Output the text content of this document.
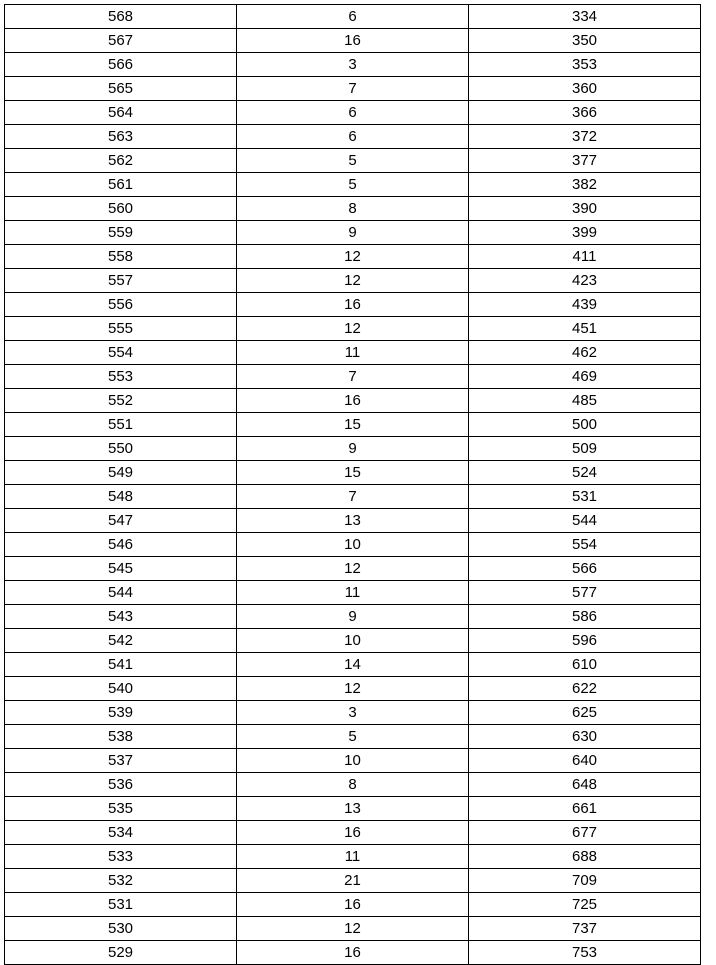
568	6	334
567	16	350
566	3	353
565	7	360
564	6	366
563	6	372
562	5	377
561	5	382
560	8	390
559	9	399
558	12	411
557	12	423
556	16	439
555	12	451
554	11	462
553	7	469
552	16	485
551	15	500
550	9	509
549	15	524
548	7	531
547	13	544
546	10	554
545	12	566
544	11	577
543	9	586
542	10	596
541	14	610
540	12	622
539	3	625
538	5	630
537	10	640
536	8	648
535	13	661
534	16	677
533	11	688
532	21	709
531	16	725
530	12	737
529	16	753
